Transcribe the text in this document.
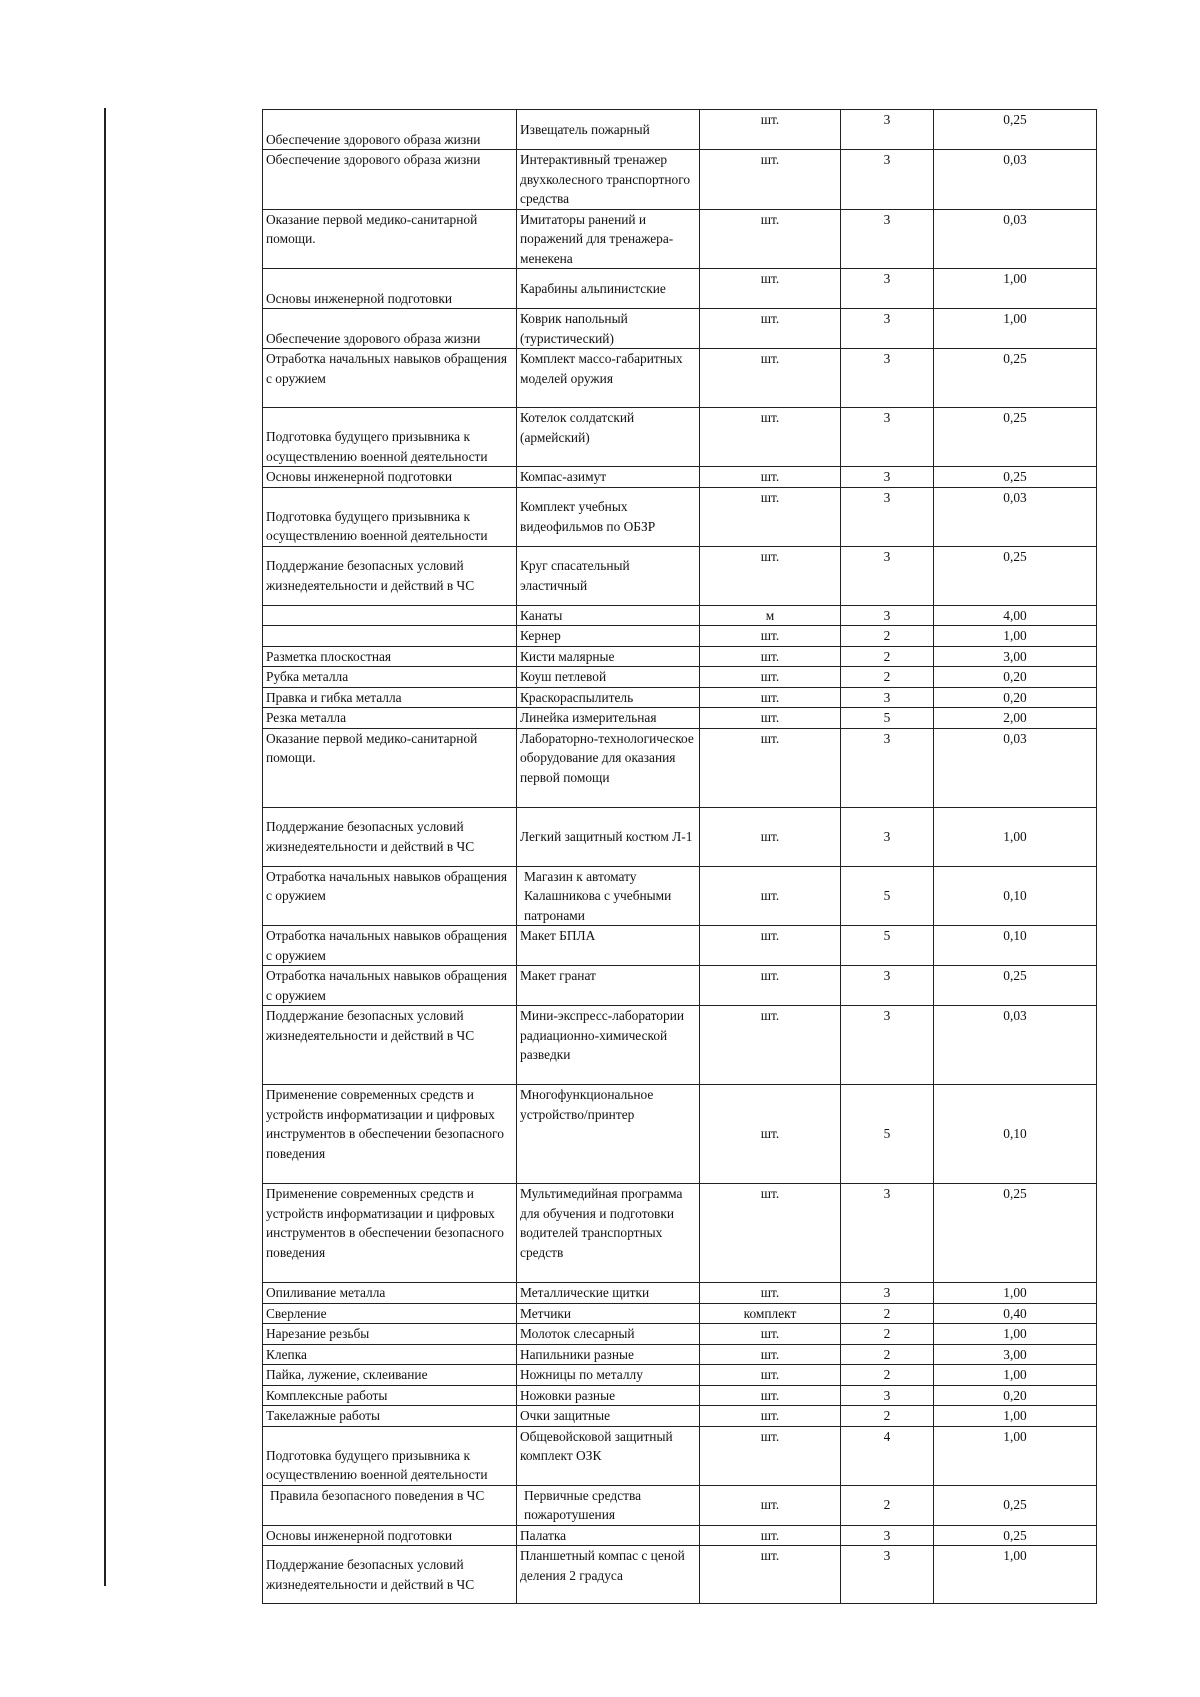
Обеспечение здорового образа жизни	Извещатель пожарный	шт.	3	0,25
Обеспечение здорового образа жизни	Интерактивный тренажер двухколесного транспортного средства	шт.	3	0,03
Оказание первой медико-санитарной помощи.	Имитаторы ранений и поражений для тренажера-менекена	шт.	3	0,03
Основы инженерной подготовки	Карабины альпинистские	шт.	3	1,00
Обеспечение здорового образа жизни	Коврик напольный (туристический)	шт.	3	1,00
Отработка начальных навыков обращения с оружием	Комплект массо-габаритных моделей оружия	шт.	3	0,25
Подготовка будущего призывника к осуществлению военной деятельности	Котелок солдатский (армейский)	шт.	3	0,25
Основы инженерной подготовки	Компас-азимут	шт.	3	0,25
Подготовка будущего призывника к осуществлению военной деятельности	Комплект учебных видеофильмов по ОБЗР	шт.	3	0,03
Поддержание безопасных условий жизнедеятельности и действий в ЧС	Круг спасательный эластичный	шт.	3	0,25
	Канаты	м	3	4,00
	Кернер	шт.	2	1,00
Разметка плоскостная	Кисти малярные	шт.	2	3,00
Рубка металла	Коуш петлевой	шт.	2	0,20
Правка и гибка металла	Краскораспылитель	шт.	3	0,20
Резка металла	Линейка измерительная	шт.	5	2,00
Оказание первой медико-санитарной помощи.	Лабораторно-технологическое оборудование для оказания первой помощи	шт.	3	0,03
Поддержание безопасных условий жизнедеятельности и действий в ЧС	Легкий защитный костюм Л-1	шт.	3	1,00
Отработка начальных навыков обращения с оружием	Магазин к автомату Калашникова с учебными патронами	шт.	5	0,10
Отработка начальных навыков обращения с оружием	Макет БПЛА	шт.	5	0,10
Отработка начальных навыков обращения с оружием	Макет гранат	шт.	3	0,25
Поддержание безопасных условий жизнедеятельности и действий в ЧС	Мини-экспресс-лаборатории радиационно-химической разведки	шт.	3	0,03
Применение современных средств и устройств информатизации и цифровых инструментов в обеспечении безопасного поведения	Многофункциональное устройство/принтер	шт.	5	0,10
Применение современных средств и устройств информатизации и цифровых инструментов в обеспечении безопасного поведения	Мультимедийная программа для обучения и подготовки водителей транспортных средств	шт.	3	0,25
Опиливание металла	Металлические щитки	шт.	3	1,00
Сверление	Метчики	комплект	2	0,40
Нарезание резьбы	Молоток слесарный	шт.	2	1,00
Клепка	Напильники разные	шт.	2	3,00
Пайка, лужение, склеивание	Ножницы по металлу	шт.	2	1,00
Комплексные работы	Ножовки разные	шт.	3	0,20
Такелажные работы	Очки защитные	шт.	2	1,00
Подготовка будущего призывника к осуществлению военной деятельности	Общевойсковой защитный комплект ОЗК	шт.	4	1,00
Правила безопасного поведения в ЧС	Первичные средства пожаротушения	шт.	2	0,25
Основы инженерной подготовки	Палатка	шт.	3	0,25
Поддержание безопасных условий жизнедеятельности и действий в ЧС	Планшетный компас с ценой деления 2 градуса	шт.	3	1,00
